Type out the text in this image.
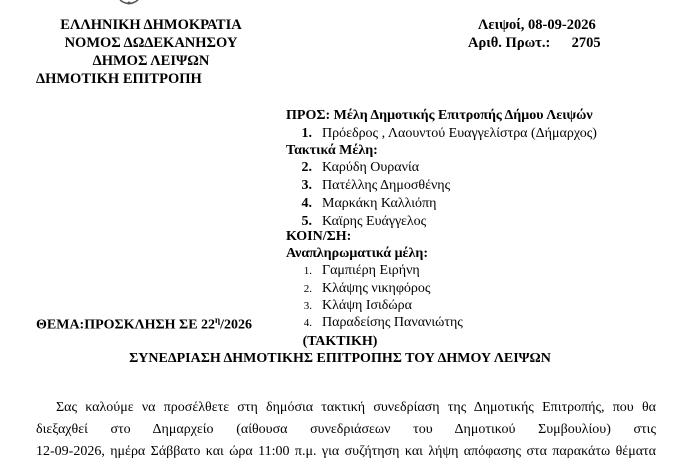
ΕΛΛΗΝΙΚΗ ΔΗΜΟΚΡΑΤΙΑ
ΝΟΜΟΣ ΔΩΔΕΚΑΝΗΣΟΥ
ΔΗΜΟΣ ΛΕΙΨΩΝ
ΔΗΜΟΤΙΚΗ ΕΠΙΤΡΟΠΗ
Λειψοί, 08-09-2026
Αριθ. Πρωτ.: 2705
ΠΡΟΣ: Μέλη Δημοτικής Επιτροπής Δήμου Λειψών
1. Πρόεδρος , Λαουντού Ευαγγελίστρα (Δήμαρχος)
Τακτικά Μέλη:
2. Καρύδη Ουρανία
3. Πατέλλης Δημοσθένης
4. Μαρκάκη Καλλιόπη
5. Καϊρης Ευάγγελος
ΚΟΙΝ/ΣΗ:
Αναπληρωματικά μέλη:
1. Γαμπιέρη Ειρήνη
2. Κλάψης νικηφόρος
3. Κλάψη Ισιδώρα
4. Παραδείσης Πανανιώτης
ΘΕΜΑ:ΠΡΟΣΚΛΗΣΗ ΣΕ $22^\eta/2026$
(ΤΑΚΤΙΚΗ)
ΣΥΝΕΔΡΙΑΣΗ ΔΗΜΟΤΙΚΗΣ ΕΠΙΤΡΟΠΗΣ ΤΟΥ ΔΗΜΟΥ ΛΕΙΨΩΝ
Σας καλούμε να προσέλθετε στη δημόσια τακτική συνεδρίαση της Δημοτικής Επιτροπής, που θα
διεξαχθεί στο Δημαρχείο (αίθουσα συνεδριάσεων του Δημοτικού Συμβουλίου) στις
12-09-2026, ημέρα Σάββατο και ώρα 11:00 π.μ. για συζήτηση και λήψη απόφασης στα παρακάτω θέματα
